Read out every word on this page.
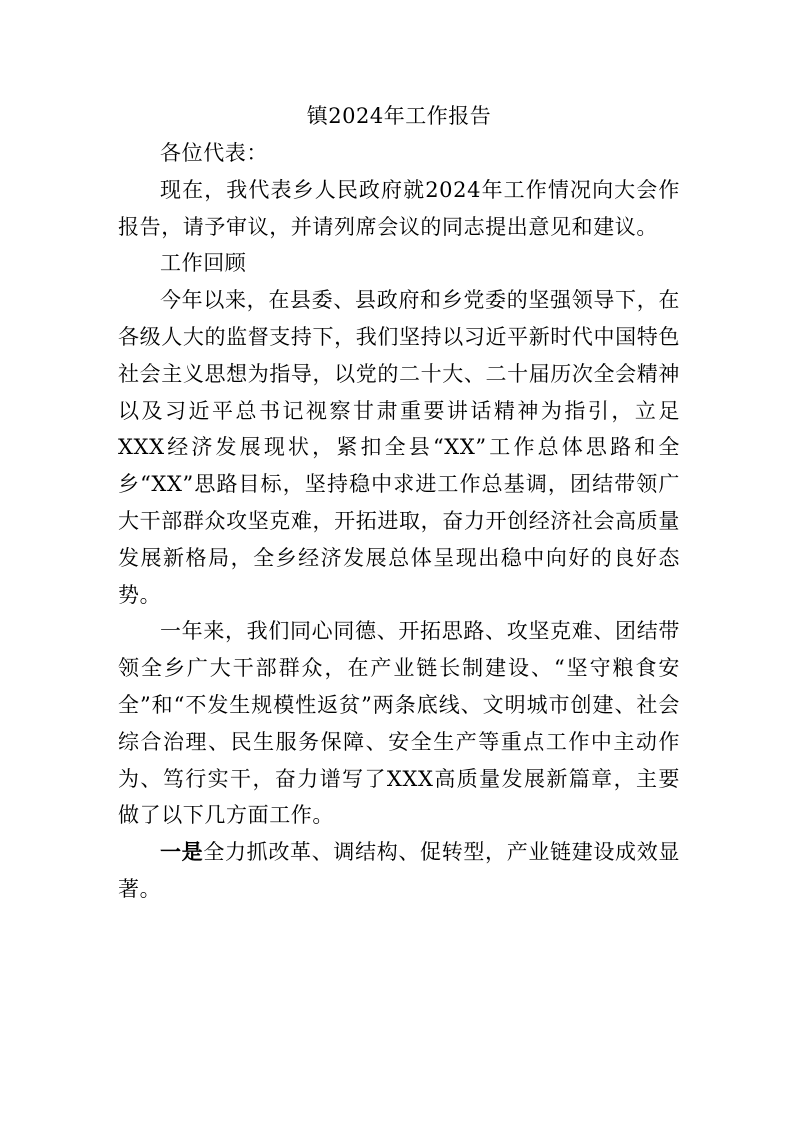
镇2024年工作报告

各位代表：

现在，我代表乡人民政府就2024年工作情况向大会作报告，请予审议，并请列席会议的同志提出意见和建议。

工作回顾

今年以来，在县委、县政府和乡党委的坚强领导下，在各级人大的监督支持下，我们坚持以习近平新时代中国特色社会主义思想为指导，以党的二十大、二十届历次全会精神以及习近平总书记视察甘肃重要讲话精神为指引，立足XXX经济发展现状，紧扣全县“XX”工作总体思路和全乡“XX”思路目标，坚持稳中求进工作总基调，团结带领广大干部群众攻坚克难，开拓进取，奋力开创经济社会高质量发展新格局，全乡经济发展总体呈现出稳中向好的良好态势。

一年来，我们同心同德、开拓思路、攻坚克难、团结带领全乡广大干部群众，在产业链长制建设、“坚守粮食安全”和“不发生规模性返贫”两条底线、文明城市创建、社会综合治理、民生服务保障、安全生产等重点工作中主动作为、笃行实干，奋力谱写了XXX高质量发展新篇章，主要做了以下几方面工作。

一是全力抓改革、调结构、促转型，产业链建设成效显著。
